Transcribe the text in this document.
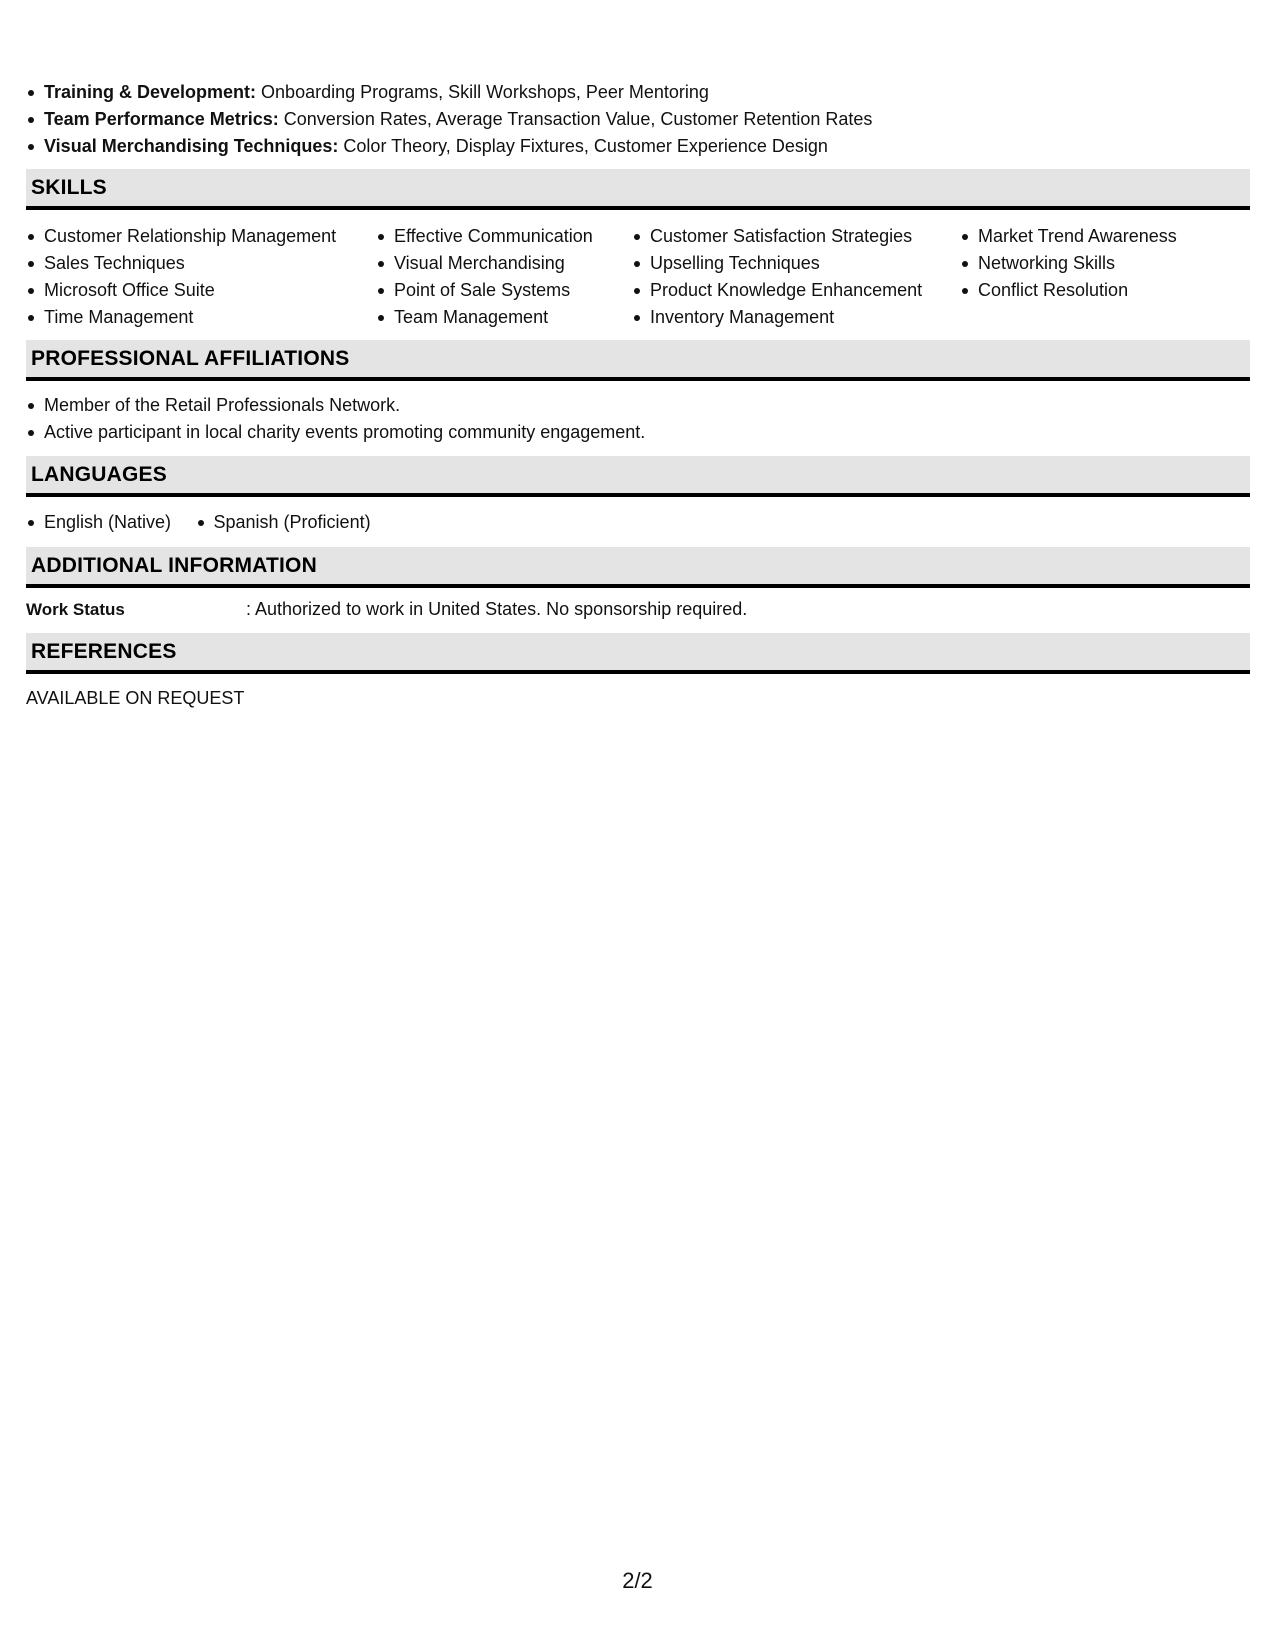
Training & Development: Onboarding Programs, Skill Workshops, Peer Mentoring
Team Performance Metrics: Conversion Rates, Average Transaction Value, Customer Retention Rates
Visual Merchandising Techniques: Color Theory, Display Fixtures, Customer Experience Design
SKILLS
Customer Relationship Management
Sales Techniques
Microsoft Office Suite
Time Management
Effective Communication
Visual Merchandising
Point of Sale Systems
Team Management
Customer Satisfaction Strategies
Upselling Techniques
Product Knowledge Enhancement
Inventory Management
Market Trend Awareness
Networking Skills
Conflict Resolution
PROFESSIONAL AFFILIATIONS
Member of the Retail Professionals Network.
Active participant in local charity events promoting community engagement.
LANGUAGES
English (Native) Spanish (Proficient)
ADDITIONAL INFORMATION
Work Status	: Authorized to work in United States. No sponsorship required.
REFERENCES
AVAILABLE ON REQUEST
2/2
